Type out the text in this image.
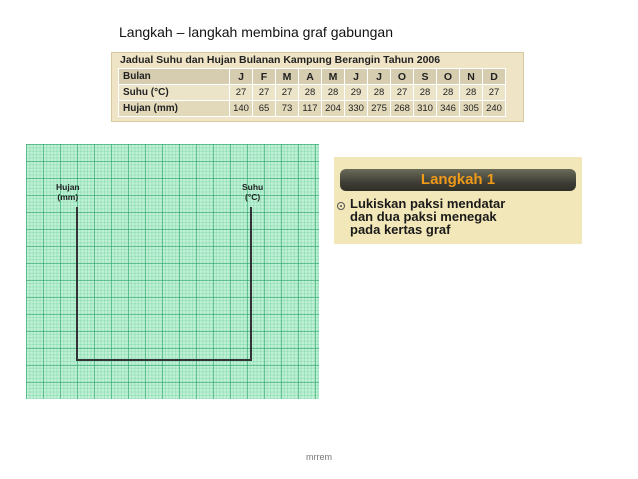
Langkah – langkah membina graf gabungan
Jadual Suhu dan Hujan Bulanan Kampung Berangin Tahun 2006
Bulan	J	F	M	A	M	J	J	O	S	O	N	D
Suhu (°C)	27	27	27	28	28	29	28	27	28	28	28	27
Hujan (mm)	140	65	73	117	204	330	275	268	310	346	305	240
Hujan
(mm)
Suhu
(°C)
Langkah 1
Lukiskan paksi mendatar
dan dua paksi menegak
pada kertas graf
mrrem
